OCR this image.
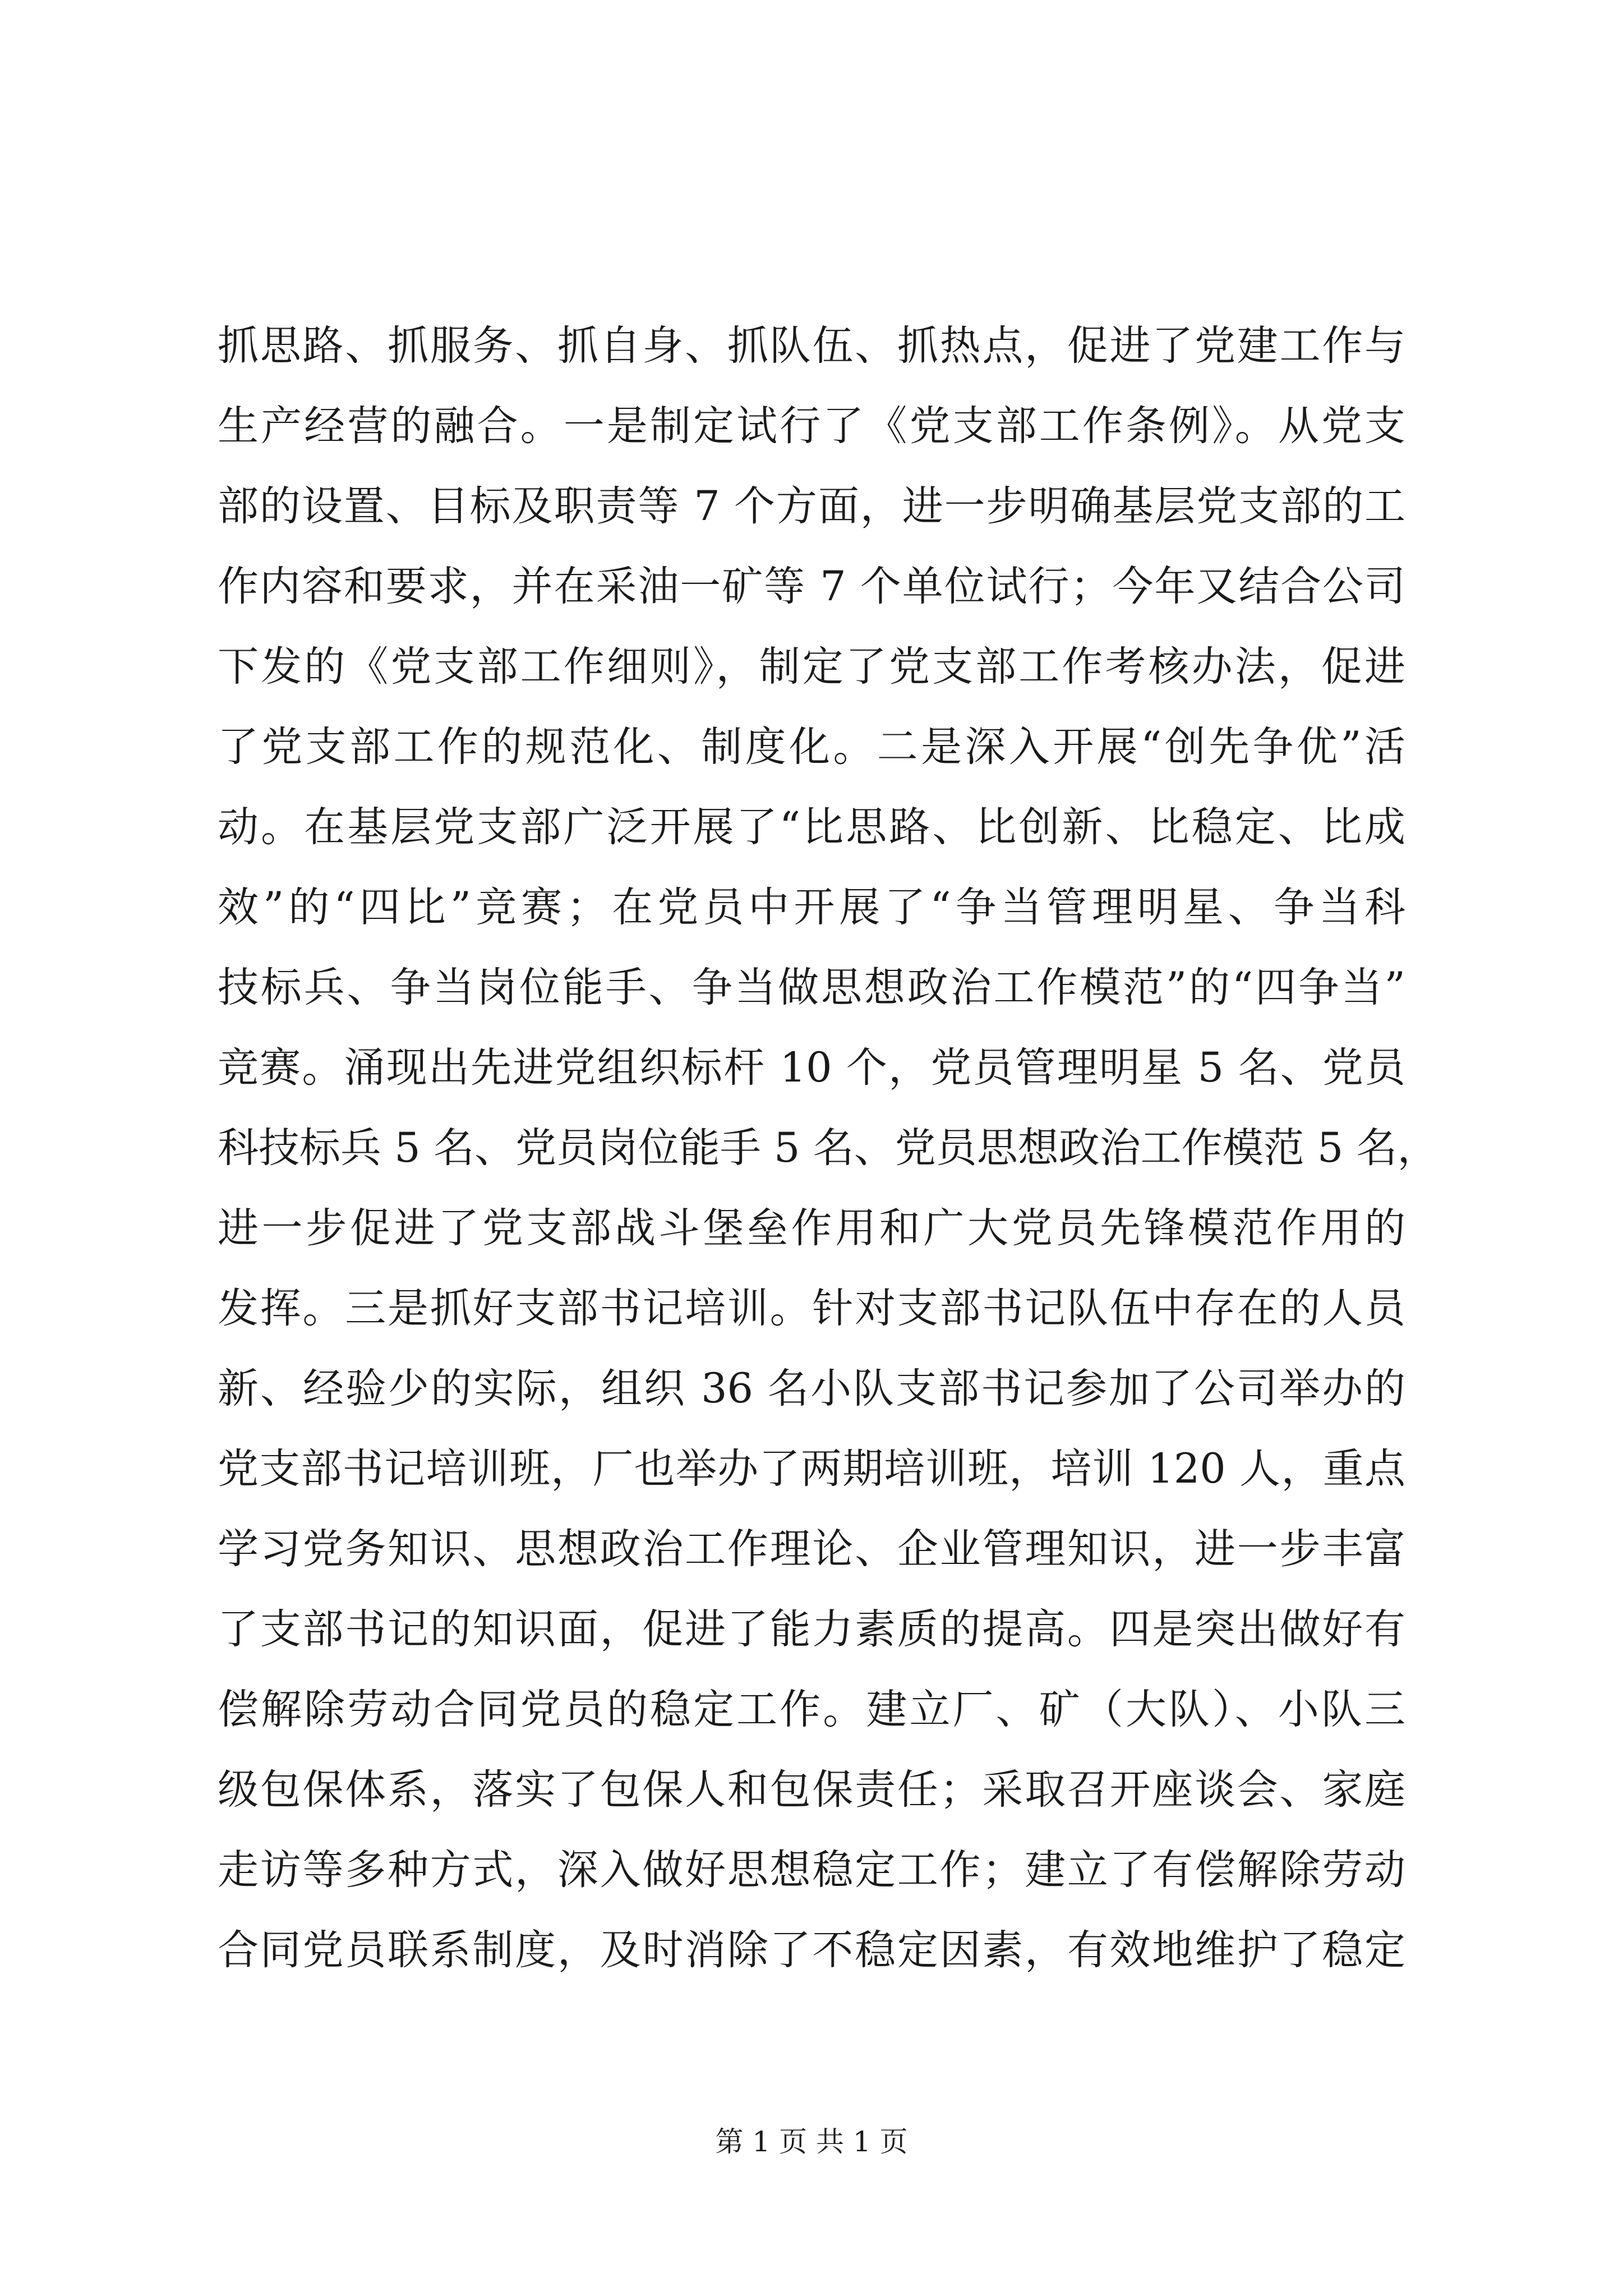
抓思路、抓服务、抓自身、抓队伍、抓热点，促进了党建工作与
生产经营的融合。一是制定试行了《党支部工作条例》。从党支
部的设置、目标及职责等 7 个方面，进一步明确基层党支部的工
作内容和要求，并在采油一矿等 7 个单位试行；今年又结合公司
下发的《党支部工作细则》，制定了党支部工作考核办法，促进
了党支部工作的规范化、制度化。二是深入开展“创先争优”活
动。在基层党支部广泛开展了“比思路、比创新、比稳定、比成
效”的“四比”竞赛；在党员中开展了“争当管理明星、争当科
技标兵、争当岗位能手、争当做思想政治工作模范”的“四争当”
竞赛。涌现出先进党组织标杆 10 个，党员管理明星 5 名、党员
科技标兵 5 名、党员岗位能手 5 名、党员思想政治工作模范 5 名，
进一步促进了党支部战斗堡垒作用和广大党员先锋模范作用的
发挥。三是抓好支部书记培训。针对支部书记队伍中存在的人员
新、经验少的实际，组织 36 名小队支部书记参加了公司举办的
党支部书记培训班，厂也举办了两期培训班，培训 120 人，重点
学习党务知识、思想政治工作理论、企业管理知识，进一步丰富
了支部书记的知识面，促进了能力素质的提高。四是突出做好有
偿解除劳动合同党员的稳定工作。建立厂、矿（大队）、小队三
级包保体系，落实了包保人和包保责任；采取召开座谈会、家庭
走访等多种方式，深入做好思想稳定工作；建立了有偿解除劳动
合同党员联系制度，及时消除了不稳定因素，有效地维护了稳定
第 1 页 共 1 页
